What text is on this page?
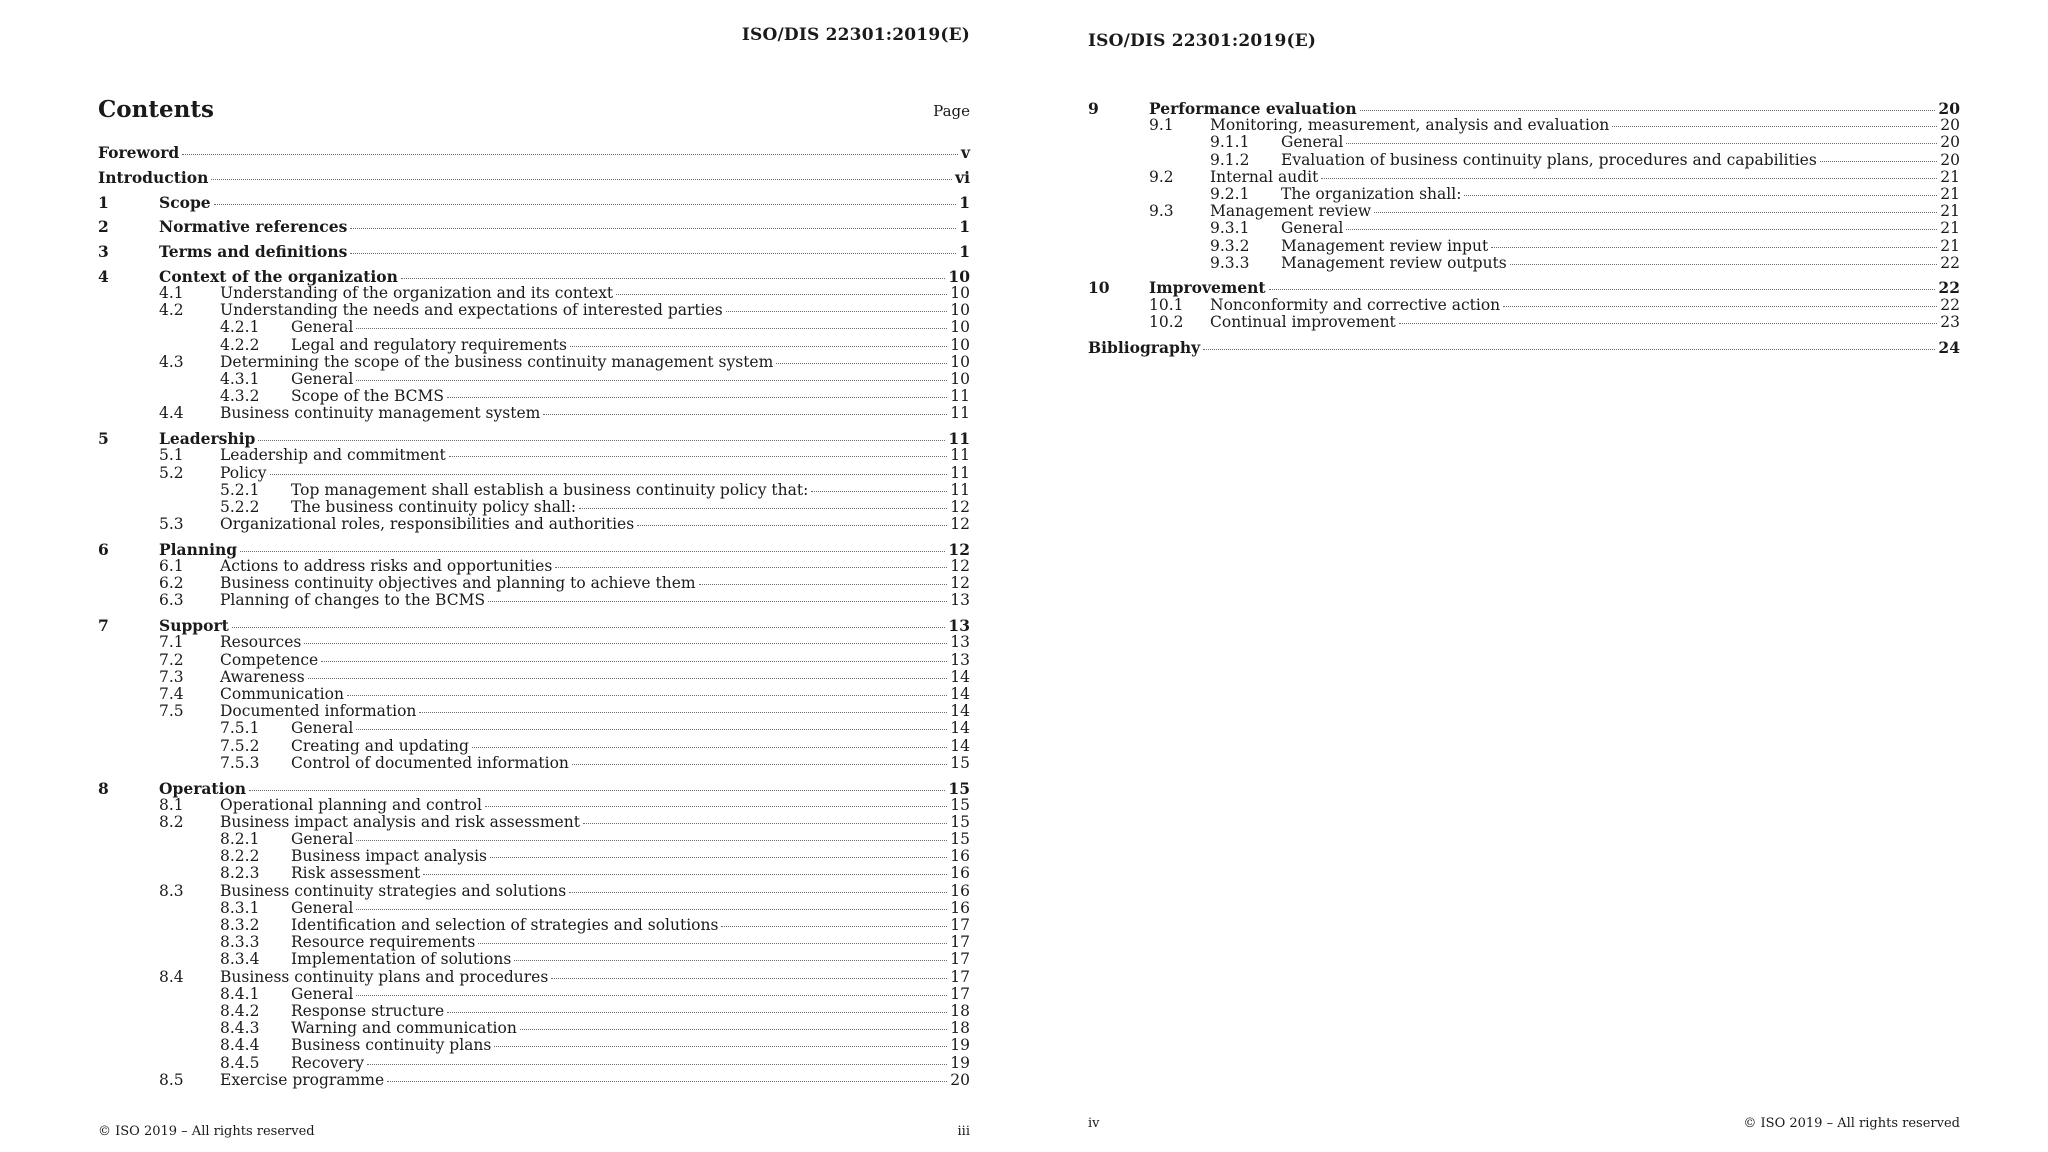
ISO/DIS 22301:2019(E)
Contents	Page
Foreword	v
Introduction	vi
1	Scope	1
2	Normative references	1
3	Terms and definitions	1
4	Context of the organization	10
4.1	Understanding of the organization and its context	10
4.2	Understanding the needs and expectations of interested parties	10
4.2.1	General	10
4.2.2	Legal and regulatory requirements	10
4.3	Determining the scope of the business continuity management system	10
4.3.1	General	10
4.3.2	Scope of the BCMS	11
4.4	Business continuity management system	11
5	Leadership	11
5.1	Leadership and commitment	11
5.2	Policy	11
5.2.1	Top management shall establish a business continuity policy that:	11
5.2.2	The business continuity policy shall:	12
5.3	Organizational roles, responsibilities and authorities	12
6	Planning	12
6.1	Actions to address risks and opportunities	12
6.2	Business continuity objectives and planning to achieve them	12
6.3	Planning of changes to the BCMS	13
7	Support	13
7.1	Resources	13
7.2	Competence	13
7.3	Awareness	14
7.4	Communication	14
7.5	Documented information	14
7.5.1	General	14
7.5.2	Creating and updating	14
7.5.3	Control of documented information	15
8	Operation	15
8.1	Operational planning and control	15
8.2	Business impact analysis and risk assessment	15
8.2.1	General	15
8.2.2	Business impact analysis	16
8.2.3	Risk assessment	16
8.3	Business continuity strategies and solutions	16
8.3.1	General	16
8.3.2	Identification and selection of strategies and solutions	17
8.3.3	Resource requirements	17
8.3.4	Implementation of solutions	17
8.4	Business continuity plans and procedures	17
8.4.1	General	17
8.4.2	Response structure	18
8.4.3	Warning and communication	18
8.4.4	Business continuity plans	19
8.4.5	Recovery	19
8.5	Exercise programme	20
© ISO 2019 – All rights reserved	iii
ISO/DIS 22301:2019(E)
9	Performance evaluation	20
9.1	Monitoring, measurement, analysis and evaluation	20
9.1.1	General	20
9.1.2	Evaluation of business continuity plans, procedures and capabilities	20
9.2	Internal audit	21
9.2.1	The organization shall:	21
9.3	Management review	21
9.3.1	General	21
9.3.2	Management review input	21
9.3.3	Management review outputs	22
10	Improvement	22
10.1	Nonconformity and corrective action	22
10.2	Continual improvement	23
Bibliography	24
iv	© ISO 2019 – All rights reserved
